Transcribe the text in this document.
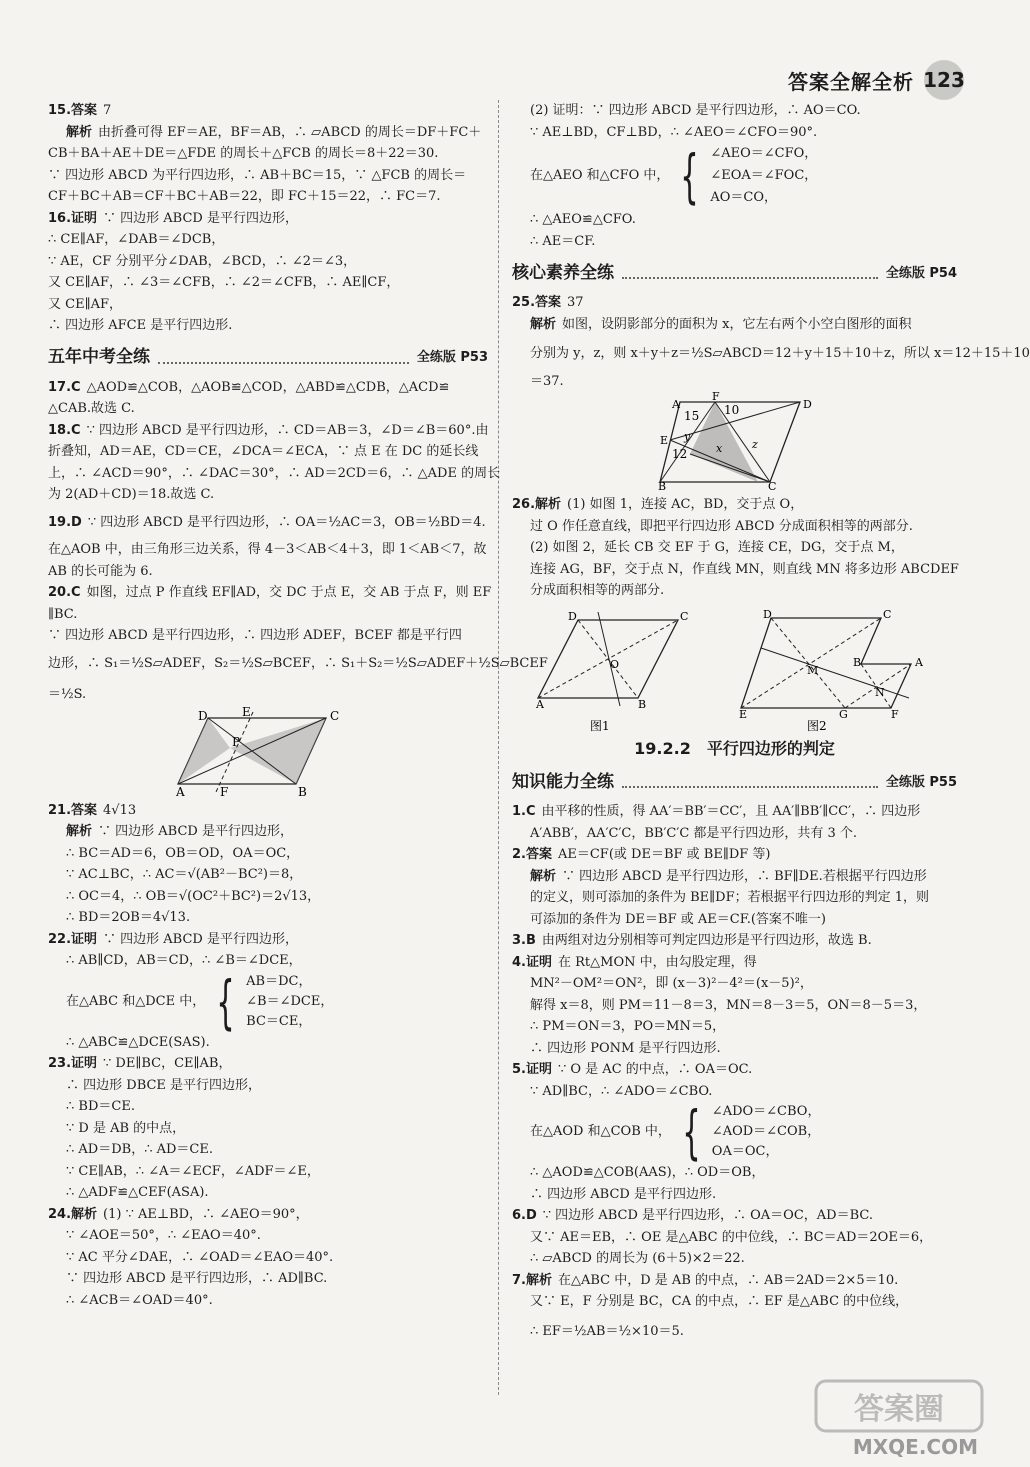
答案全解全析 123
15.答案 7
解析 由折叠可得 EF＝AE，BF＝AB，∴ ▱ABCD 的周长＝DF＋FC＋
CB＋BA＋AE＋DE＝△FDE 的周长＋△FCB 的周长＝8＋22＝30.
∵ 四边形 ABCD 为平行四边形，∴ AB＋BC＝15，∵ △FCB 的周长＝
CF＋BC＋AB＝CF＋BC＋AB＝22，即 FC＋15＝22，∴ FC＝7.
16.证明 ∵ 四边形 ABCD 是平行四边形，
∴ CE∥AF，∠DAB＝∠DCB，
∵ AE，CF 分别平分∠DAB，∠BCD，∴ ∠2＝∠3，
又 CE∥AF，∴ ∠3＝∠CFB，∴ ∠2＝∠CFB，∴ AE∥CF，
又 CE∥AF，
∴ 四边形 AFCE 是平行四边形.
五年中考全练	全练版 P53
17.C △AOD≌△COB，△AOB≌△COD，△ABD≌△CDB，△ACD≌
△CAB.故选 C.
18.C ∵ 四边形 ABCD 是平行四边形，∴ CD＝AB＝3，∠D＝∠B＝60°.由
折叠知，AD＝AE，CD＝CE，∠DCA＝∠ECA，∵ 点 E 在 DC 的延长线
上，∴ ∠ACD＝90°，∴ ∠DAC＝30°，∴ AD＝2CD＝6，∴ △ADE 的周长
为 2(AD＋CD)＝18.故选 C.
19.D ∵ 四边形 ABCD 是平行四边形，∴ OA＝½AC＝3，OB＝½BD＝4.
在△AOB 中，由三角形三边关系，得 4－3＜AB＜4＋3，即 1＜AB＜7，故
AB 的长可能为 6.
20.C 如图，过点 P 作直线 EF∥AD，交 DC 于点 E，交 AB 于点 F，则 EF
∥BC.
∵ 四边形 ABCD 是平行四边形，∴ 四边形 ADEF，BCEF 都是平行四
边形，∴ S₁＝½S▱ADEF，S₂＝½S▱BCEF，∴ S₁＋S₂＝½S▱ADEF＋½S▱BCEF
＝½S.
D	E	C
P
A	F	B
21.答案 4√13
解析 ∵ 四边形 ABCD 是平行四边形，
∴ BC＝AD＝6，OB＝OD，OA＝OC，
∵ AC⊥BC，∴ AC＝√(AB²－BC²)＝8，
∴ OC＝4，∴ OB＝√(OC²＋BC²)＝2√13，
∴ BD＝2OB＝4√13.
22.证明 ∵ 四边形 ABCD 是平行四边形，
∴ AB∥CD，AB＝CD，∴ ∠B＝∠DCE，
在△ABC 和△DCE 中， { AB＝DC，
∠B＝∠DCE，
BC＝CE，
∴ △ABC≌△DCE(SAS).
23.证明 ∵ DE∥BC，CE∥AB，
∴ 四边形 DBCE 是平行四边形，
∴ BD＝CE.
∵ D 是 AB 的中点，
∴ AD＝DB，∴ AD＝CE.
∵ CE∥AB，∴ ∠A＝∠ECF，∠ADF＝∠E，
∴ △ADF≌△CEF(ASA).
24.解析 (1) ∵ AE⊥BD，∴ ∠AEO＝90°，
∵ ∠AOE＝50°，∴ ∠EAO＝40°.
∵ AC 平分∠DAE，∴ ∠OAD＝∠EAO＝40°.
∵ 四边形 ABCD 是平行四边形，∴ AD∥BC.
∴ ∠ACB＝∠OAD＝40°.
(2) 证明：∵ 四边形 ABCD 是平行四边形，∴ AO＝CO.
∵ AE⊥BD，CF⊥BD，∴ ∠AEO＝∠CFO＝90°.
在△AEO 和△CFO 中， { ∠AEO＝∠CFO，
∠EOA＝∠FOC，
AO＝CO，
∴ △AEO≌△CFO.
∴ AE＝CF.
核心素养全练	全练版 P54
25.答案 37
解析 如图，设阴影部分的面积为 x，它左右两个小空白图形的面积
分别为 y，z，则 x＋y＋z＝½S▱ABCD＝12＋y＋15＋10＋z，所以 x＝12＋15＋10
＝37.
A
F
D
E
B	C
15 10
12	x
y
z
26.解析 (1) 如图 1，连接 AC，BD，交于点 O，
过 O 作任意直线，即把平行四边形 ABCD 分成面积相等的两部分.
(2) 如图 2，延长 CB 交 EF 于 G，连接 CE，DG，交于点 M，
连接 AG，BF，交于点 N，作直线 MN，则直线 MN 将多边形 ABCDEF
分成面积相等的两部分.
D	C
O
A	B
图1
D	C
M
B	A
N
E	G	F
图2
19.2.2　平行四边形的判定
知识能力全练	全练版 P55
1.C 由平移的性质，得 AA′＝BB′＝CC′，且 AA′∥BB′∥CC′，∴ 四边形
A′ABB′，AA′C′C，BB′C′C 都是平行四边形，共有 3 个.
2.答案 AE＝CF(或 DE＝BF 或 BE∥DF 等)
解析 ∵ 四边形 ABCD 是平行四边形，∴ BF∥DE.若根据平行四边形
的定义，则可添加的条件为 BE∥DF；若根据平行四边形的判定 1，则
可添加的条件为 DE＝BF 或 AE＝CF.(答案不唯一)
3.B 由两组对边分别相等可判定四边形是平行四边形，故选 B.
4.证明 在 Rt△MON 中，由勾股定理，得
MN²－OM²＝ON²，即 (x－3)²－4²＝(x－5)²，
解得 x＝8，则 PM＝11－8＝3，MN＝8－3＝5，ON＝8－5＝3，
∴ PM＝ON＝3，PO＝MN＝5，
∴ 四边形 PONM 是平行四边形.
5.证明 ∵ O 是 AC 的中点，∴ OA＝OC.
∵ AD∥BC，∴ ∠ADO＝∠CBO.
在△AOD 和△COB 中， { ∠ADO＝∠CBO，
∠AOD＝∠COB，
OA＝OC，
∴ △AOD≌△COB(AAS)，∴ OD＝OB，
∴ 四边形 ABCD 是平行四边形.
6.D ∵ 四边形 ABCD 是平行四边形，∴ OA＝OC，AD＝BC.
又∵ AE＝EB，∴ OE 是△ABC 的中位线，∴ BC＝AD＝2OE＝6，
∴ ▱ABCD 的周长为 (6＋5)×2＝22.
7.解析 在△ABC 中，D 是 AB 的中点，∴ AB＝2AD＝2×5＝10.
又∵ E，F 分别是 BC，CA 的中点，∴ EF 是△ABC 的中位线，
∴ EF＝½AB＝½×10＝5.
答案圈
MXQE.COM
